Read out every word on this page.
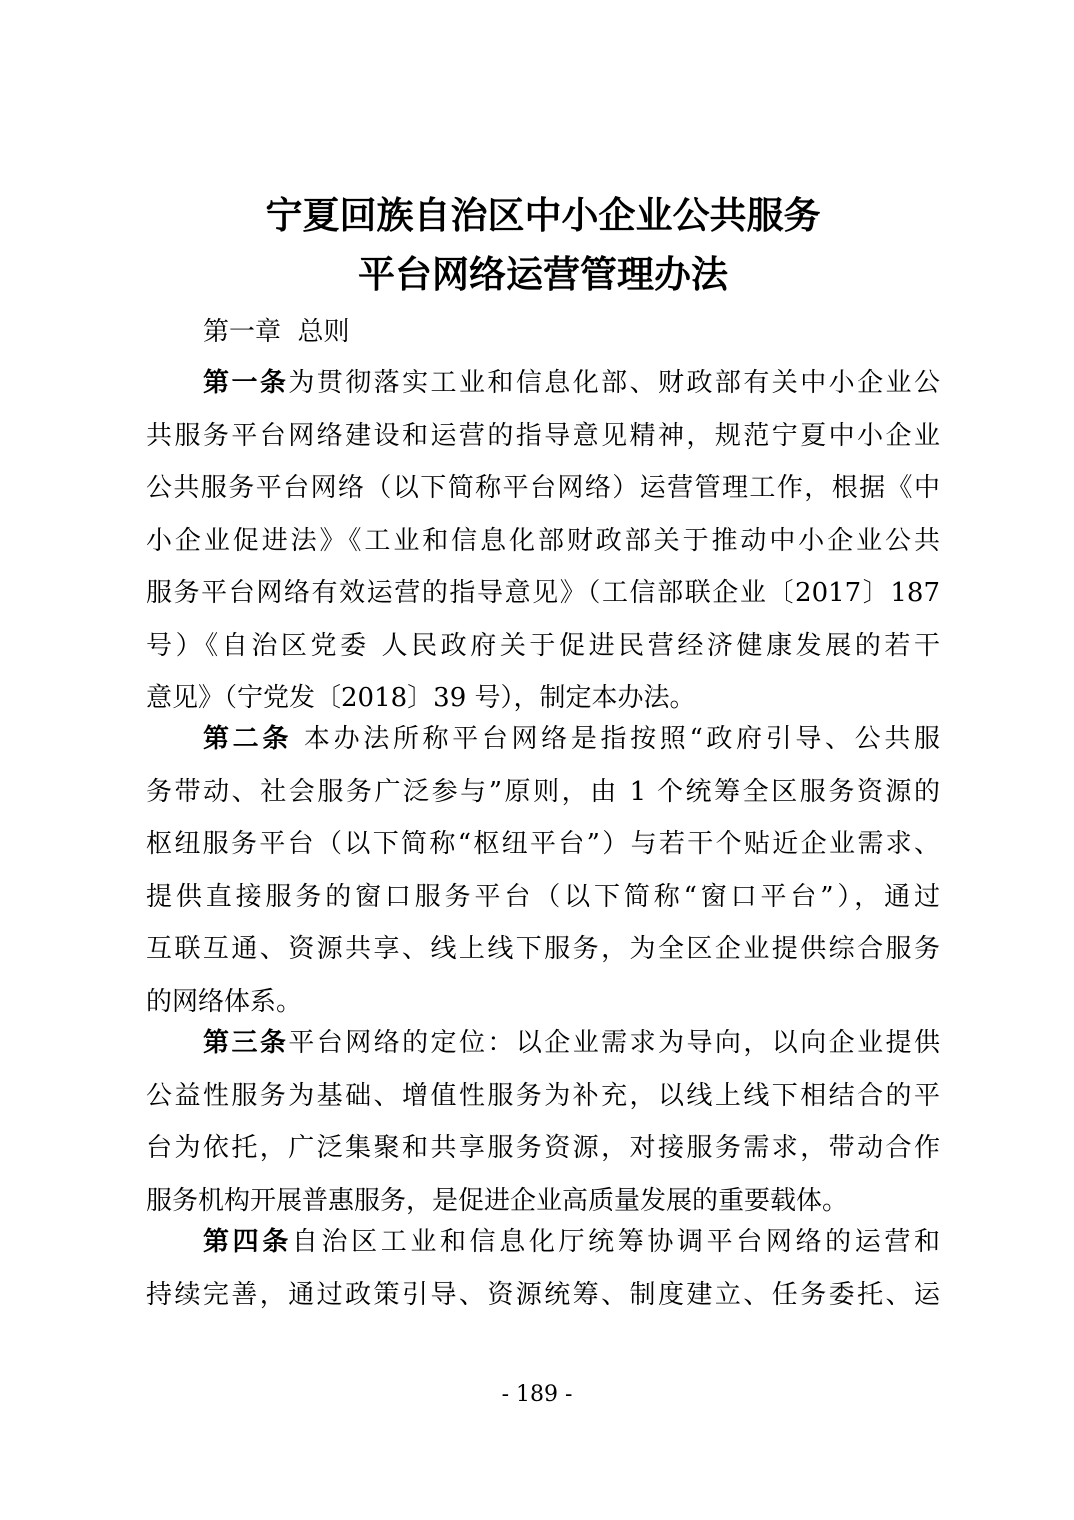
宁夏回族自治区中小企业公共服务
平台网络运营管理办法
第一章  总则
第一条为贯彻落实工业和信息化部、财政部有关中小企业公
共服务平台网络建设和运营的指导意见精神，规范宁夏中小企业
公共服务平台网络（以下简称平台网络）运营管理工作，根据《中
小企业促进法》《工业和信息化部财政部关于推动中小企业公共
服务平台网络有效运营的指导意见》（工信部联企业〔2017〕187
号）《自治区党委 人民政府关于促进民营经济健康发展的若干
意见》（宁党发〔2018〕39 号），制定本办法。
第二条 本办法所称平台网络是指按照“政府引导、公共服
务带动、社会服务广泛参与”原则，由 1 个统筹全区服务资源的
枢纽服务平台（以下简称“枢纽平台”）与若干个贴近企业需求、
提供直接服务的窗口服务平台（以下简称“窗口平台”），通过
互联互通、资源共享、线上线下服务，为全区企业提供综合服务
的网络体系。
第三条平台网络的定位：以企业需求为导向，以向企业提供
公益性服务为基础、增值性服务为补充，以线上线下相结合的平
台为依托，广泛集聚和共享服务资源，对接服务需求，带动合作
服务机构开展普惠服务，是促进企业高质量发展的重要载体。
第四条自治区工业和信息化厅统筹协调平台网络的运营和
持续完善，通过政策引导、资源统筹、制度建立、任务委托、运
- 189 -
